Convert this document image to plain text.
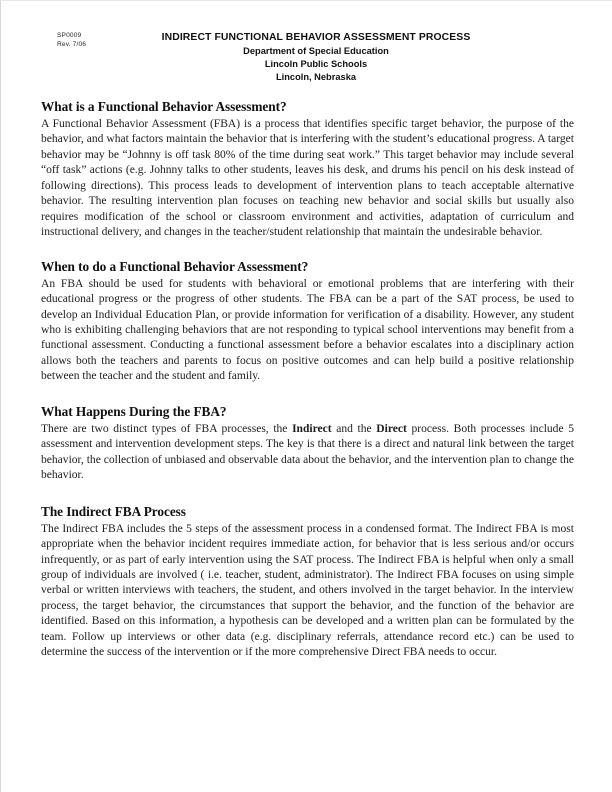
SP0009
Rev. 7/06
INDIRECT FUNCTIONAL BEHAVIOR ASSESSMENT PROCESS
Department of Special Education
Lincoln Public Schools
Lincoln, Nebraska
What is a Functional Behavior Assessment?

A Functional Behavior Assessment (FBA) is a process that identifies specific target behavior, the purpose of the behavior, and what factors maintain the behavior that is interfering with the student’s educational progress. A target behavior may be “Johnny is off task 80% of the time during seat work.” This target behavior may include several “off task” actions (e.g. Johnny talks to other students, leaves his desk, and drums his pencil on his desk instead of following directions). This process leads to development of intervention plans to teach acceptable alternative behavior. The resulting intervention plan focuses on teaching new behavior and social skills but usually also requires modification of the school or classroom environment and activities, adaptation of curriculum and instructional delivery, and changes in the teacher/student relationship that maintain the undesirable behavior.

When to do a Functional Behavior Assessment?

An FBA should be used for students with behavioral or emotional problems that are interfering with their educational progress or the progress of other students. The FBA can be a part of the SAT process, be used to develop an Individual Education Plan, or provide information for verification of a disability. However, any student who is exhibiting challenging behaviors that are not responding to typical school interventions may benefit from a functional assessment. Conducting a functional assessment before a behavior escalates into a disciplinary action allows both the teachers and parents to focus on positive outcomes and can help build a positive relationship between the teacher and the student and family.

What Happens During the FBA?

There are two distinct types of FBA processes, the Indirect and the Direct process. Both processes include 5 assessment and intervention development steps. The key is that there is a direct and natural link between the target behavior, the collection of unbiased and observable data about the behavior, and the intervention plan to change the behavior.

The Indirect FBA Process

The Indirect FBA includes the 5 steps of the assessment process in a condensed format. The Indirect FBA is most appropriate when the behavior incident requires immediate action, for behavior that is less serious and/or occurs infrequently, or as part of early intervention using the SAT process. The Indirect FBA is helpful when only a small group of individuals are involved ( i.e. teacher, student, administrator). The Indirect FBA focuses on using simple verbal or written interviews with teachers, the student, and others involved in the target behavior. In the interview process, the target behavior, the circumstances that support the behavior, and the function of the behavior are identified. Based on this information, a hypothesis can be developed and a written plan can be formulated by the team. Follow up interviews or other data (e.g. disciplinary referrals, attendance record etc.) can be used to determine the success of the intervention or if the more comprehensive Direct FBA needs to occur.
